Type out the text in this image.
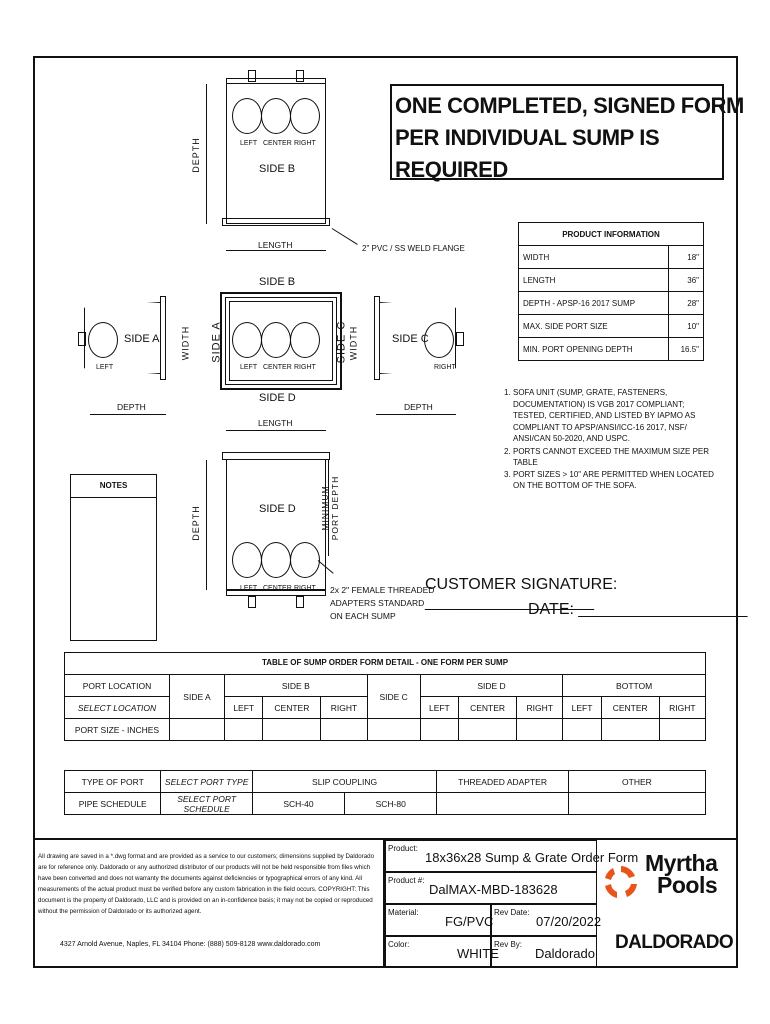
LEFT CENTER RIGHT
SIDE B
DEPTH
LENGTH	2" PVC / SS WELD FLANGE
SIDE B
LEFT CENTER RIGHT
SIDE A	SIDE C
SIDE D
LENGTH
LEFT
SIDE A WIDTH
DEPTH
RIGHT
SIDE C
WIDTH
DEPTH
SIDE D
LEFT CENTER RIGHT
DEPTH	MINIMUM
PORT DEPTH
2x 2" FEMALE THREADED
ADAPTERS STANDARD
ON EACH SUMP
ONE COMPLETED, SIGNED FORM
PER INDIVIDUAL SUMP IS REQUIRED
PRODUCT INFORMATION	
WIDTH	18"
LENGTH	36"
DEPTH - APSP-16 2017 SUMP	28"
MAX. SIDE PORT SIZE	10"
MIN. PORT OPENING DEPTH	16.5"
1. SOFA UNIT (SUMP, GRATE, FASTENERS, DOCUMENTATION) IS VGB 2017 COMPLIANT; TESTED, CERTIFIED, AND LISTED BY IAPMO AS COMPLIANT TO APSP/ANSI/ICC-16 2017, NSF/ ANSI/CAN 50-2020, AND USPC.
2. PORTS CANNOT EXCEED THE MAXIMUM SIZE PER TABLE
3. PORT SIZES > 10" ARE PERMITTED WHEN LOCATED ON THE BOTTOM OF THE SOFA.
NOTES
CUSTOMER SIGNATURE: ___________________
DATE: ___________________
TABLE OF SUMP ORDER FORM DETAIL - ONE FORM PER SUMP
PORT LOCATION	SIDE A	SIDE B			SIDE C	SIDE D			BOTTOM		
SELECT LOCATION		LEFT	CENTER	RIGHT		LEFT	CENTER	RIGHT	LEFT	CENTER	RIGHT
PORT SIZE - INCHES											
TYPE OF PORT	SELECT PORT TYPE	SLIP COUPLING		THREADED ADAPTER	OTHER
PIPE SCHEDULE	SELECT PORT SCHEDULE	SCH-40	SCH-80		
All drawing are saved in a *.dwg format and are provided as a service to our customers; dimensions supplied by Daldorado are for reference only. Daldorado or any authorized distributor of our products will not be held responsible from files which have been converted and does not warranty the documents against deficiencies or typographical errors of any kind. All measurements of the actual product must be verified before any custom fabrication in the field occurs. COPYRIGHT: This document is the property of Daldorado, LLC and is provided on an in-confidence basis; it may not be copied or reproduced without the permission of Daldorado or its authorized agent.
4327 Arnold Avenue, Naples, FL 34104 Phone: (888) 509-8128 www.daldorado.com
Product:
18x36x28 Sump & Grate Order Form
Product #:
DalMAX-MBD-183628
Material:
FG/PVC
Rev Date:
07/20/2022
Color:
WHITE
Rev By:
Daldorado
Myrtha
Pools
DALDORADO
